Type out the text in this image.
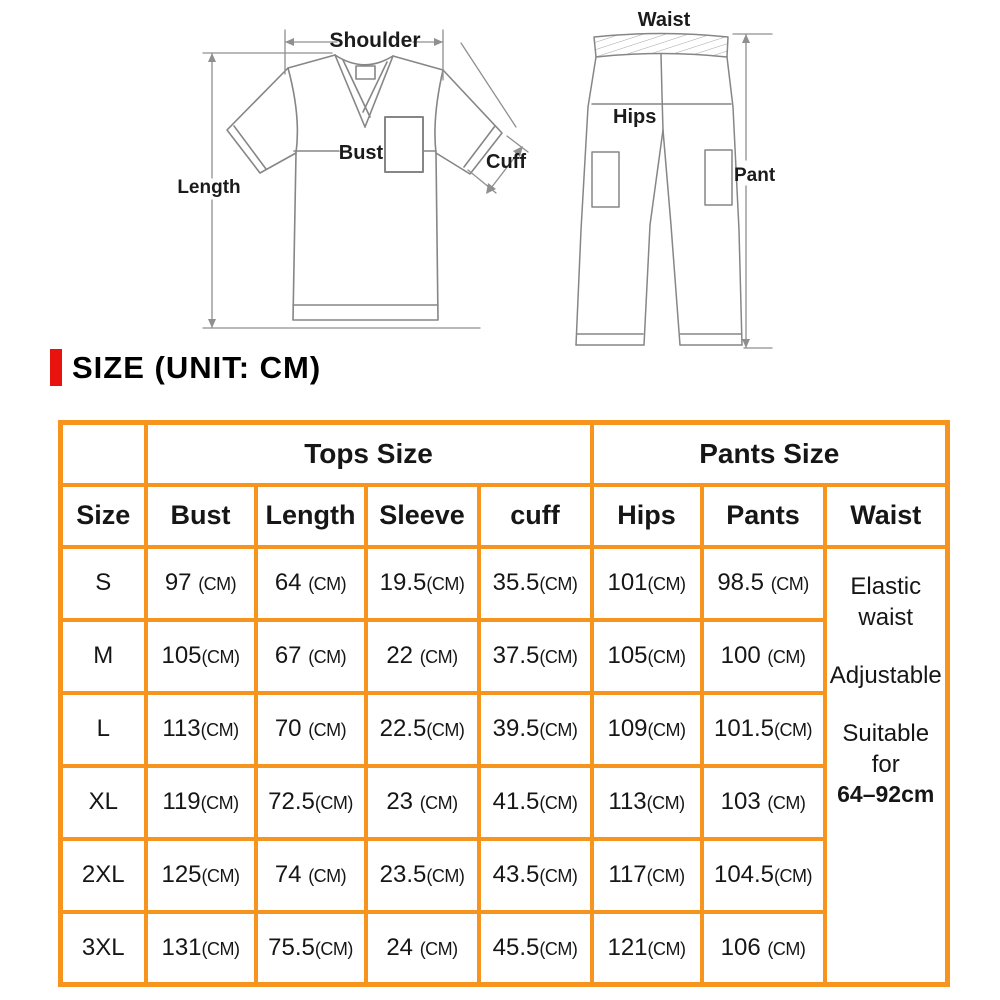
Shoulder
Bust	Cuff
Length
Waist
Hips
Pant
SIZE (UNIT: CM)
	Tops Size				Pants Size		
Size	Bust	Length	Sleeve	cuff	Hips	Pants	Waist
S	97 (CM)	64 (CM)	19.5(CM)	35.5(CM)	101(CM)	98.5 (CM)	Elastic waist
Adjustable
Suitable for
64–92cm

M	105(CM)	67 (CM)	22 (CM)	37.5(CM)	105(CM)	100 (CM)	
L	113(CM)	70 (CM)	22.5(CM)	39.5(CM)	109(CM)	101.5(CM)	
XL	119(CM)	72.5(CM)	23 (CM)	41.5(CM)	113(CM)	103 (CM)	
2XL	125(CM)	74 (CM)	23.5(CM)	43.5(CM)	117(CM)	104.5(CM)	
3XL	131(CM)	75.5(CM)	24 (CM)	45.5(CM)	121(CM)	106 (CM)	
